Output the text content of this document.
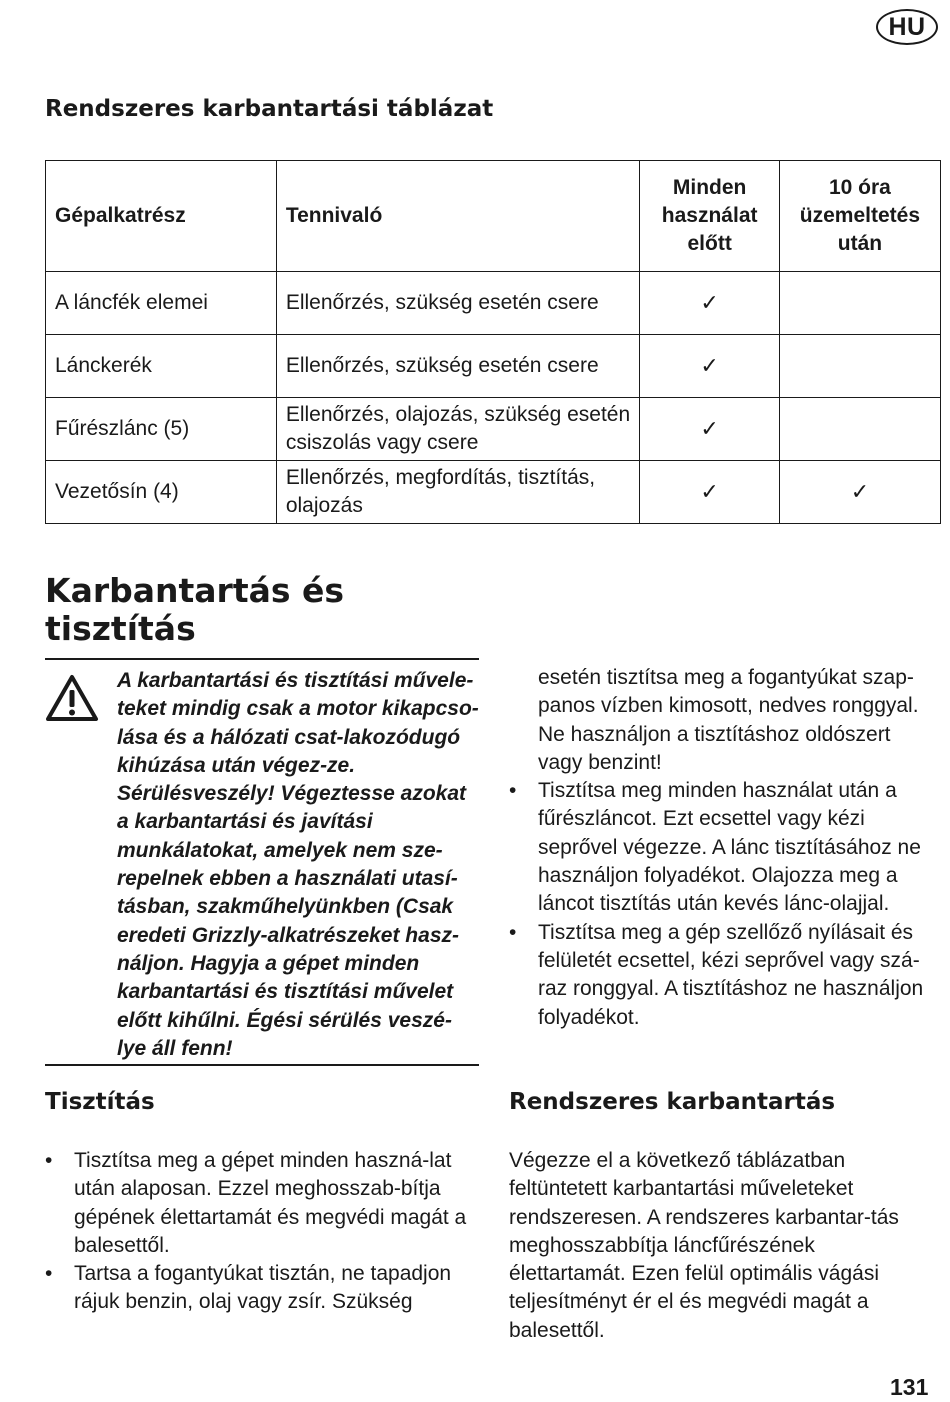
HU
Rendszeres karbantartási táblázat
Gépalkatrész	Tennivaló	Minden használat előtt	10 óra üzemeltetés után
A láncfék elemei	Ellenőrzés, szükség esetén csere	✓	
Lánckerék	Ellenőrzés, szükség esetén csere	✓	
Fűrészlánc (5)	Ellenőrzés, olajozás, szükség esetén csiszolás vagy csere	✓	
Vezetősín (4)	Ellenőrzés, megfordítás, tisztítás, olajozás	✓	✓
Karbantartás és tisztítás

A karbantartási és tisztítási művele-teket mindig csak a motor kikapcso-lása és a hálózati csat-lakozódugó kihúzása után végez-ze. Sérülésveszély! Végeztesse azokat a karbantartási és javítási munkálatokat, amelyek nem sze-repelnek ebben a használati utasí-tásban, szakműhelyünkben (Csak eredeti Grizzly-alkatrészeket hasz-náljon. Hagyja a gépet minden karbantartási és tisztítási művelet előtt kihűlni. Égési sérülés veszé-lye áll fenn!

Tisztítás
• Tisztítsa meg a gépet minden haszná-lat után alaposan. Ezzel meghosszab-bítja gépének élettartamát és megvédi magát a balesettől.
• Tartsa a fogantyúkat tisztán, ne tapadjon rájuk benzin, olaj vagy zsír. Szükség
esetén tisztítsa meg a fogantyúkat szap-panos vízben kimosott, nedves ronggyal. Ne használjon a tisztításhoz oldószert vagy benzint!
• Tisztítsa meg minden használat után a fűrészláncot. Ezt ecsettel vagy kézi seprővel végezze. A lánc tisztításához ne használjon folyadékot. Olajozza meg a láncot tisztítás után kevés lánc-olajjal.
• Tisztítsa meg a gép szellőző nyílásait és felületét ecsettel, kézi seprővel vagy szá-raz ronggyal. A tisztításhoz ne használjon folyadékot.
Rendszeres karbantartás

Végezze el a következő táblázatban feltüntetett karbantartási műveleteket rendszeresen. A rendszeres karbantar-tás meghosszabbítja láncfűrészének élettartamát. Ezen felül optimális vágási teljesítményt ér el és megvédi magát a balesettől.

131
